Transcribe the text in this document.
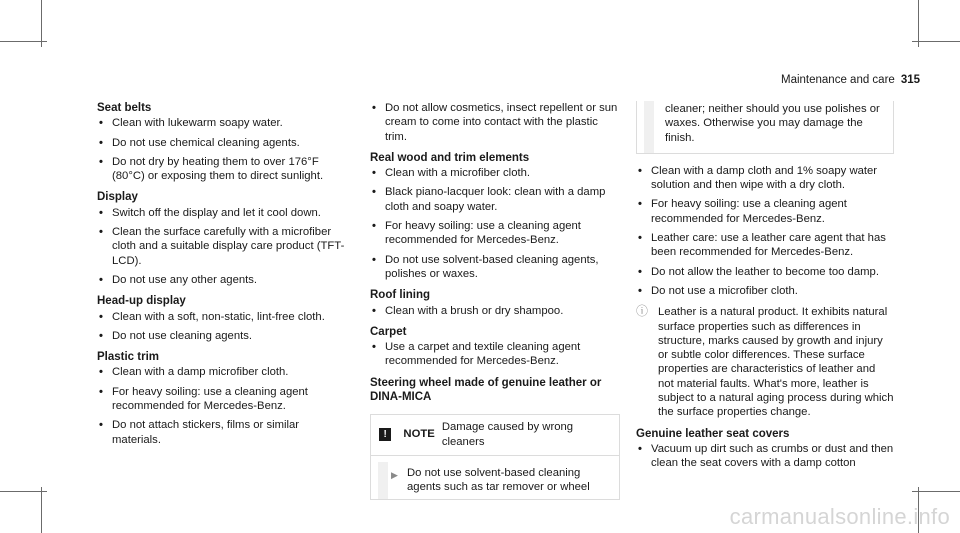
Maintenance and care 315
Seat belts
• Clean with lukewarm soapy water.
• Do not use chemical cleaning agents.
• Do not dry by heating them to over 176°F (80°C) or exposing them to direct sunlight.
Display
• Switch off the display and let it cool down.
• Clean the surface carefully with a microfiber cloth and a suitable display care product (TFT-LCD).
• Do not use any other agents.
Head-up display
• Clean with a soft, non-static, lint-free cloth.
• Do not use cleaning agents.
Plastic trim
• Clean with a damp microfiber cloth.
• For heavy soiling: use a cleaning agent recommended for Mercedes-Benz.
• Do not attach stickers, films or similar materials.
• Do not allow cosmetics, insect repellent or sun cream to come into contact with the plastic trim.
Real wood and trim elements
• Clean with a microfiber cloth.
• Black piano-lacquer look: clean with a damp cloth and soapy water.
• For heavy soiling: use a cleaning agent recommended for Mercedes-Benz.
• Do not use solvent-based cleaning agents, polishes or waxes.
Roof lining
• Clean with a brush or dry shampoo.
Carpet
• Use a carpet and textile cleaning agent recommended for Mercedes-Benz.
Steering wheel made of genuine leather or DINA-MICA
!	NOTE
Damage caused by wrong cleaners
▶ Do not use solvent-based cleaning agents such as tar remover or wheel
cleaner; neither should you use polishes or waxes. Otherwise you may damage the finish.
• Clean with a damp cloth and 1% soapy water solution and then wipe with a dry cloth.
• For heavy soiling: use a cleaning agent recommended for Mercedes-Benz.
• Leather care: use a leather care agent that has been recommended for Mercedes-Benz.
• Do not allow the leather to become too damp.
• Do not use a microfiber cloth.
ⓘ Leather is a natural product. It exhibits natural surface properties such as differences in structure, marks caused by growth and injury or subtle color differences. These surface properties are characteristics of leather and not material faults. What's more, leather is subject to a natural aging process during which the surface properties change.
Genuine leather seat covers
• Vacuum up dirt such as crumbs or dust and then clean the seat covers with a damp cotton
carmanualsonline.info
